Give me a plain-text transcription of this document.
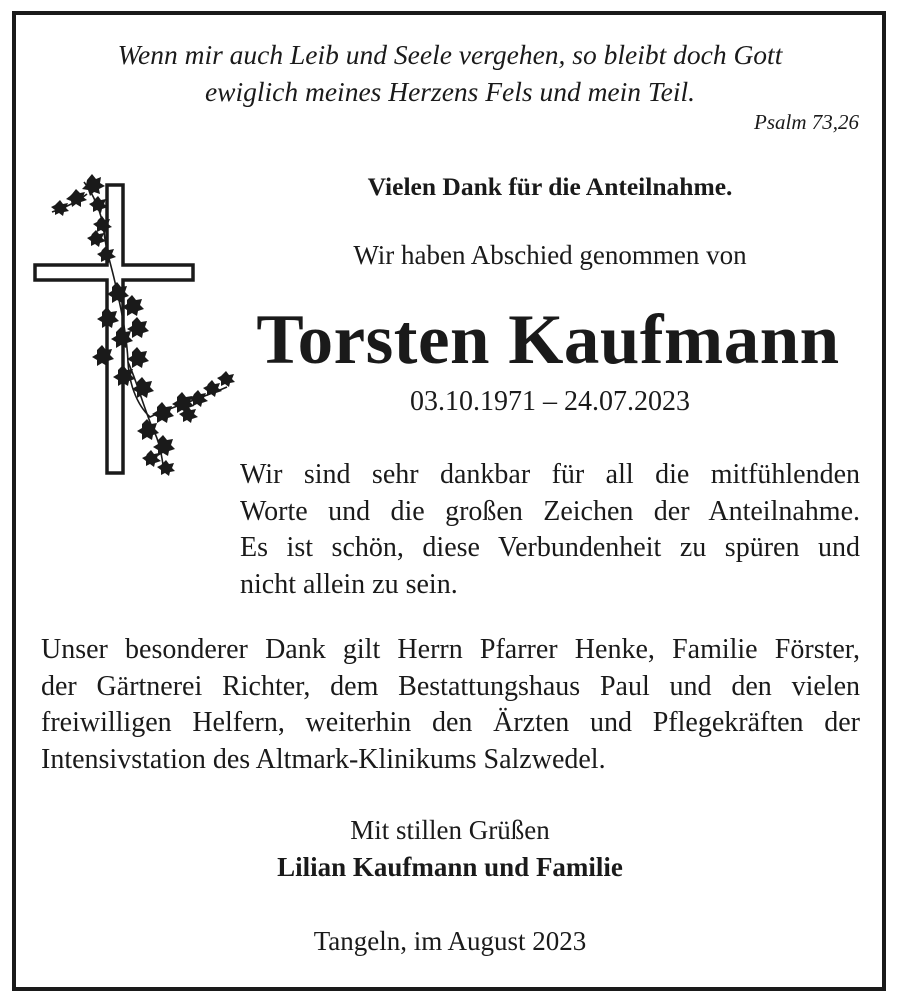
Wenn mir auch Leib und Seele vergehen, so bleibt doch Gott
ewiglich meines Herzens Fels und mein Teil.
Psalm 73,26
Vielen Dank für die Anteilnahme.
Wir haben Abschied genommen von
Torsten Kaufmann
03.10.1971 – 24.07.2023
Wir sind sehr dankbar für all die mitfühlenden
Worte und die großen Zeichen der Anteilnahme.
Es ist schön, diese Verbundenheit zu spüren und
nicht allein zu sein.
Unser besonderer Dank gilt Herrn Pfarrer Henke, Familie Förster,
der Gärtnerei Richter, dem Bestattungshaus Paul und den vielen
freiwilligen Helfern, weiterhin den Ärzten und Pflegekräften der
Intensivstation des Altmark-Klinikums Salzwedel.
Mit stillen Grüßen
Lilian Kaufmann und Familie
Tangeln, im August 2023
